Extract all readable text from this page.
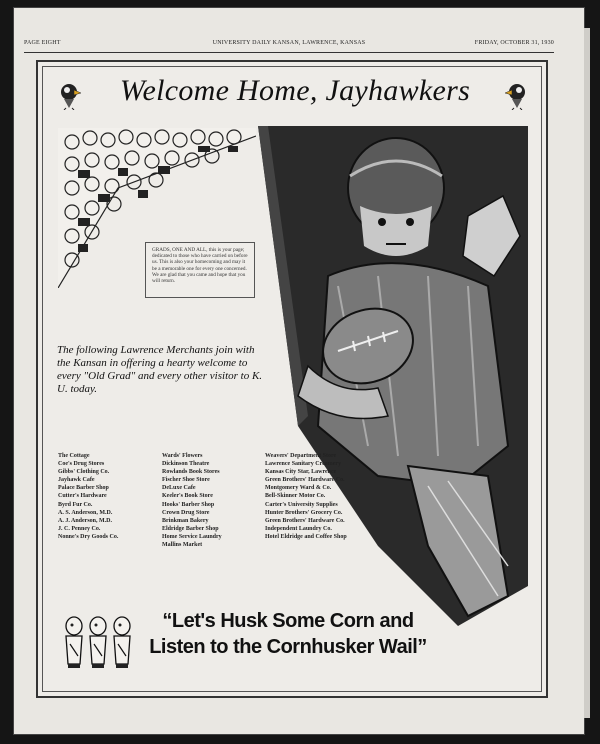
PAGE EIGHT	UNIVERSITY DAILY KANSAN, LAWRENCE, KANSAS	FRIDAY, OCTOBER 31, 1930
Welcome Home, Jayhawkers
GRADS, ONE AND ALL, this is your page; dedicated to those who have carried on before us. This is also your homecoming and may it be a memorable one for every one concerned. We are glad that you came and hope that you will return.
The following Lawrence Merchants join with the Kansan in offering a hearty welcome to every "Old Grad" and every other visitor to K. U. today.
The Cottage
Coe's Drug Stores
Gibbs' Clothing Co.
Jayhawk Cafe
Palace Barber Shop
Cutter's Hardware
Byrd Fur Co.
A. S. Anderson, M.D.
A. J. Anderson, M.D.
J. C. Penney Co.
Nonne's Dry Goods Co.
Wards' Flowers
Dickinson Theatre
Rowlands Book Stores
Fischer Shoe Store
DeLuxe Cafe
Keeler's Book Store
Hooks' Barber Shop
Crown Drug Store
Brinkman Bakery
Eldridge Barber Shop
Home Service Laundry
Mallins Market
Weavers' Department Store
Lawrence Sanitary Creamery
Kansas City Star, Lawrence
Green Brothers' Hardware Co.
Montgomery Ward & Co.
Bell-Skinner Motor Co.
Carter's University Supplies
Hunter Brothers' Grocery Co.
Green Brothers' Hardware Co.
Independent Laundry Co.
Hotel Eldridge and Coffee Shop
“Let's Husk Some Corn and
Listen to the Cornhusker Wail”
